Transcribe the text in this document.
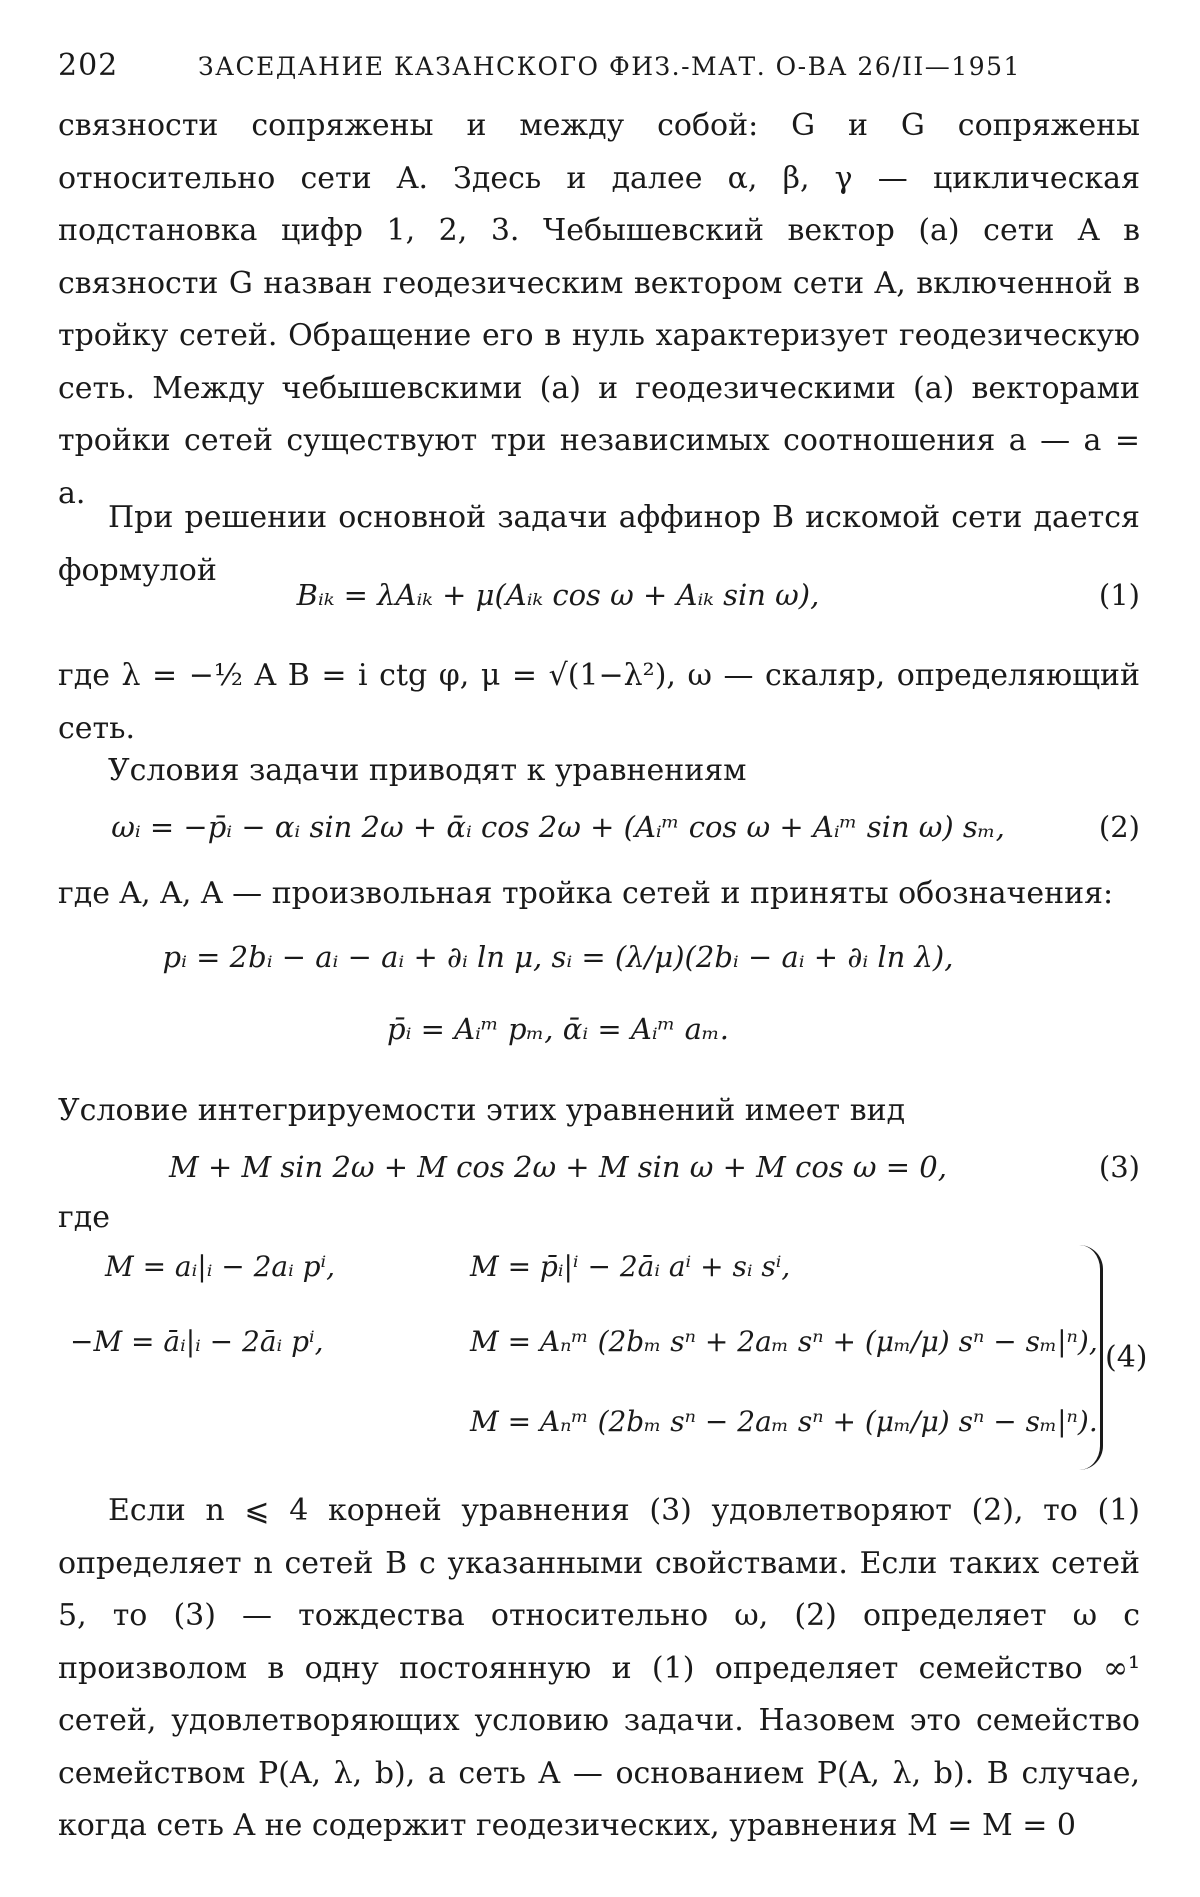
202	ЗАСЕДАНИЕ КАЗАНСКОГО ФИЗ.-МАТ. О-ВА 26/II—1951

связности сопряжены и между собой: G и G сопряжены относительно сети A. Здесь и далее α, β, γ — циклическая подстановка цифр 1, 2, 3. Чебышевский вектор (a) сети A в связности G назван геодезическим вектором сети A, включенной в тройку сетей. Обращение его в нуль характеризует геодезическую сеть. Между чебышевскими (a) и геодезическими (a) векторами тройки сетей существуют три независимых соотношения a — a = a.

При решении основной задачи аффинор B искомой сети дается формулой

Bᵢₖ = λAᵢₖ + μ(Aᵢₖ cos ω + Aᵢₖ sin ω),	(1)

где λ = −½ A B = i ctg φ, μ = √(1−λ²), ω — скаляр, определяющий сеть.

Условия задачи приводят к уравнениям

ωᵢ = −p̄ᵢ − αᵢ sin 2ω + ᾱᵢ cos 2ω + (Aᵢᵐ cos ω + Aᵢᵐ sin ω) sₘ,	(2)

где A, A, A — произвольная тройка сетей и приняты обозначения:

pᵢ = 2bᵢ − aᵢ − aᵢ + ∂ᵢ ln μ, sᵢ = (λ/μ)(2bᵢ − aᵢ + ∂ᵢ ln λ),
p̄ᵢ = Aᵢᵐ pₘ, ᾱᵢ = Aᵢᵐ aₘ.

Условие интегрируемости этих уравнений имеет вид

M + M sin 2ω + M cos 2ω + M sin ω + M cos ω = 0,	(3)
где
M = aᵢ|ᵢ − 2aᵢ pⁱ,
−M = āᵢ|ᵢ − 2āᵢ pⁱ,
M = p̄ᵢ|ⁱ − 2āᵢ aⁱ + sᵢ sⁱ,
M = Aₙᵐ (2bₘ sⁿ + 2aₘ sⁿ + (μₘ/μ) sⁿ − sₘ|ⁿ),
M = Aₙᵐ (2bₘ sⁿ − 2aₘ sⁿ + (μₘ/μ) sⁿ − sₘ|ⁿ).
(4)

Если n ⩽ 4 корней уравнения (3) удовлетворяют (2), то (1) определяет n сетей B с указанными свойствами. Если таких сетей 5, то (3) — тождества относительно ω, (2) определяет ω с произволом в одну постоянную и (1) определяет семейство ∞¹ сетей, удовлетворяющих условию задачи. Назовем это семейство семейством P(A, λ, b), а сеть A — основанием P(A, λ, b). В случае, когда сеть A не содержит геодезических, уравнения M = M = 0
